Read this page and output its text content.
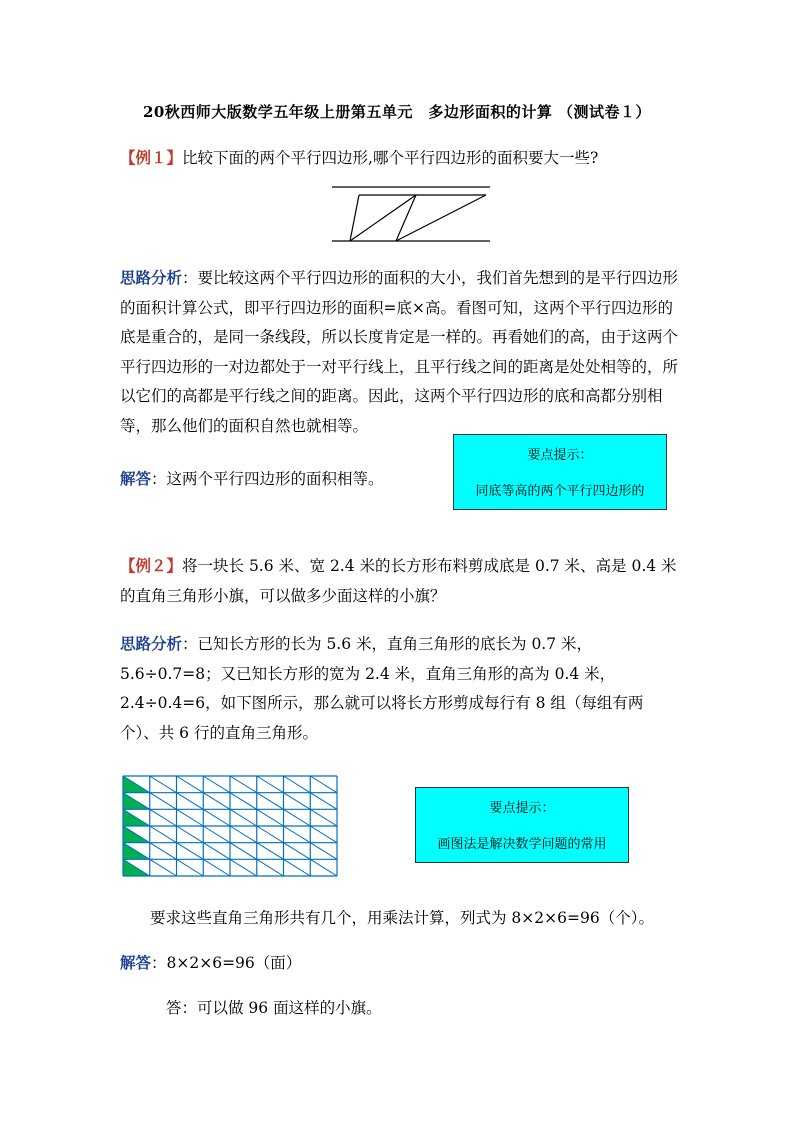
20秋西师大版数学五年级上册第五单元　多边形面积的计算 （测试卷１）
【例１】比较下面的两个平行四边形,哪个平行四边形的面积要大一些?
思路分析：要比较这两个平行四边形的面积的大小，我们首先想到的是平行四边形的面积计算公式，即平行四边形的面积=底×高。看图可知，这两个平行四边形的底是重合的，是同一条线段，所以长度肯定是一样的。再看她们的高，由于这两个平行四边形的一对边都处于一对平行线上，且平行线之间的距离是处处相等的，所以它们的高都是平行线之间的距离。因此，这两个平行四边形的底和高都分别相等，那么他们的面积自然也就相等。
解答：这两个平行四边形的面积相等。
要点提示：
同底等高的两个平行四边形的
【例２】将一块长 5.6 米、宽 2.4 米的长方形布料剪成底是 0.7 米、高是 0.4 米的直角三角形小旗，可以做多少面这样的小旗？
思路分析：已知长方形的长为 5.6 米，直角三角形的底长为 0.7 米，5.6÷0.7=8；又已知长方形的宽为 2.4 米，直角三角形的高为 0.4 米，2.4÷0.4=6，如下图所示，那么就可以将长方形剪成每行有 8 组（每组有两个）、共 6 行的直角三角形。
要点提示：
画图法是解决数学问题的常用
要求这些直角三角形共有几个，用乘法计算，列式为 8×2×6=96（个）。
解答：8×2×6=96（面）
答：可以做 96 面这样的小旗。
